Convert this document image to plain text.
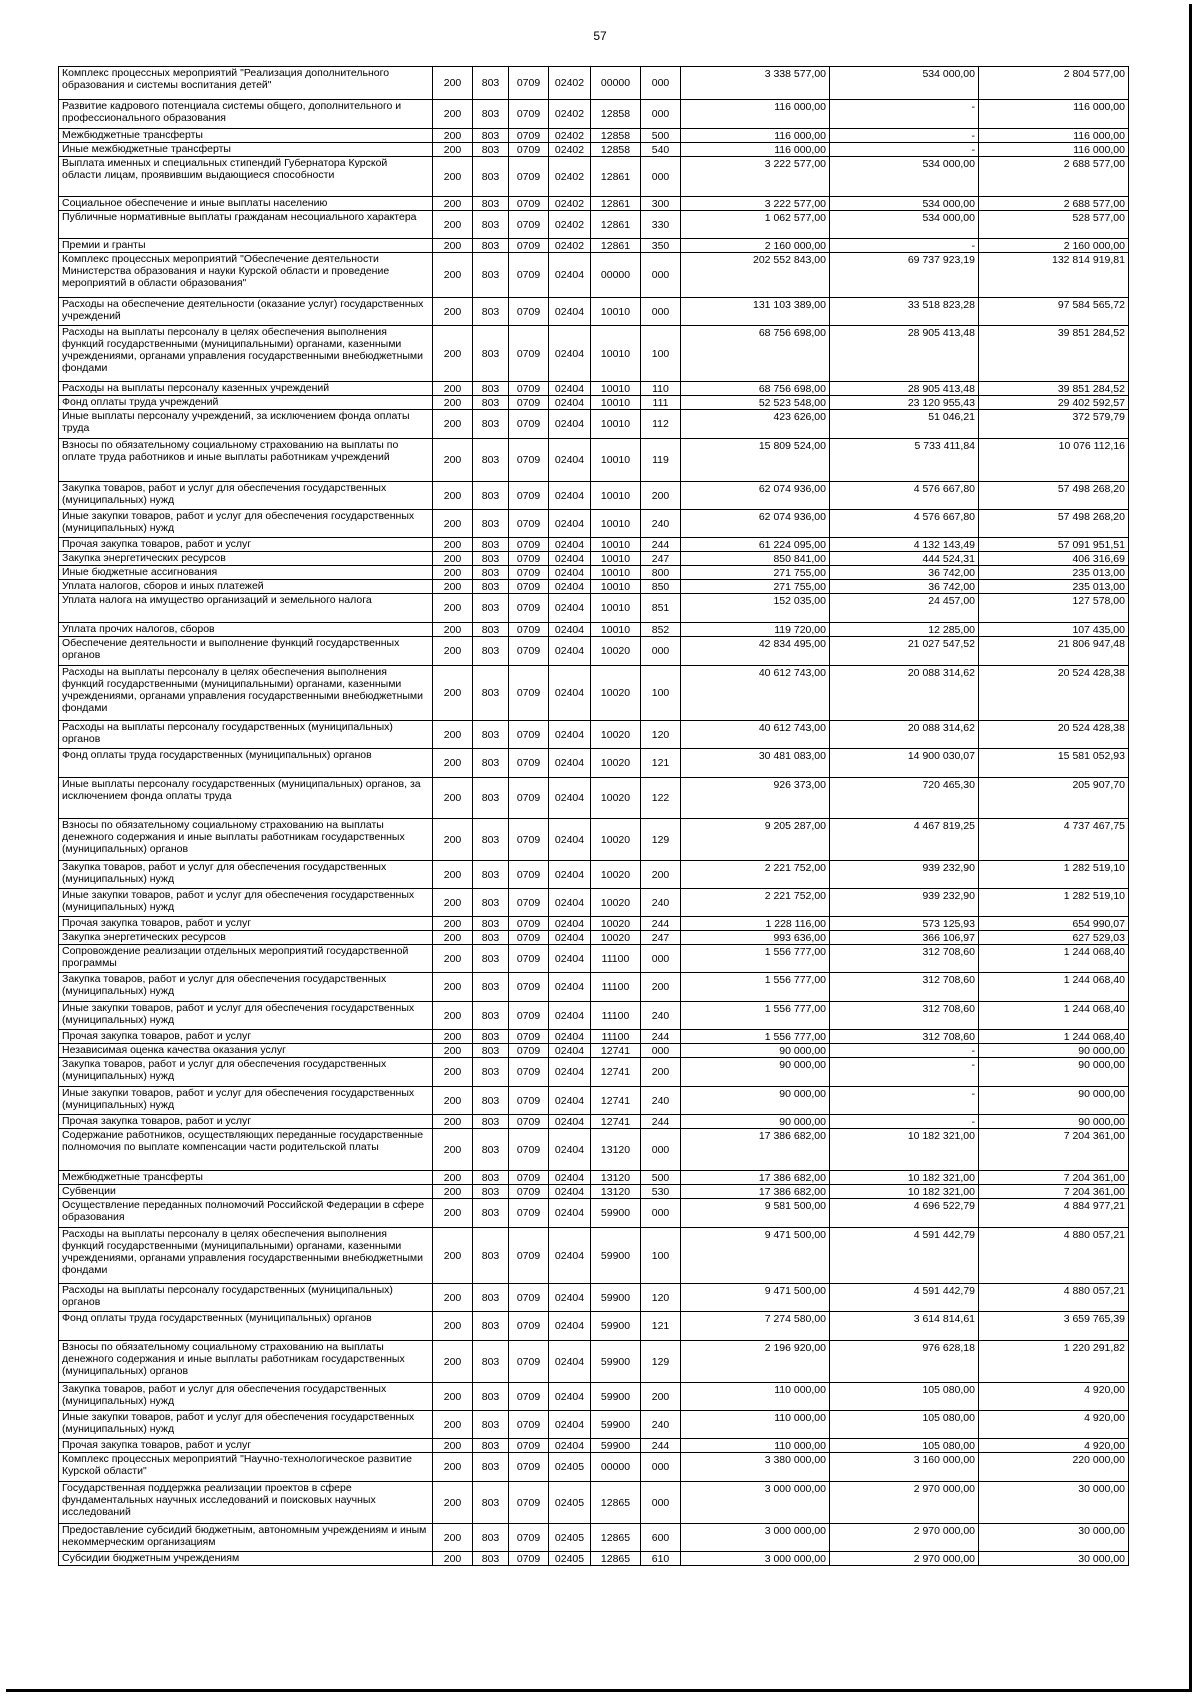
57
Комплекс процессных мероприятий "Реализация дополнительного образования и системы воспитания детей"	200	803	0709	02402	00000	000	3 338 577,00	534 000,00	2 804 577,00
Развитие кадрового потенциала системы общего, дополнительного и профессионального образования	200	803	0709	02402	12858	000	116 000,00	-	116 000,00
Межбюджетные трансферты	200	803	0709	02402	12858	500	116 000,00	-	116 000,00
Иные межбюджетные трансферты	200	803	0709	02402	12858	540	116 000,00	-	116 000,00
Выплата именных и специальных стипендий Губернатора Курской области лицам, проявившим выдающиеся способности	200	803	0709	02402	12861	000	3 222 577,00	534 000,00	2 688 577,00
Социальное обеспечение и иные выплаты населению	200	803	0709	02402	12861	300	3 222 577,00	534 000,00	2 688 577,00
Публичные нормативные выплаты гражданам несоциального характера	200	803	0709	02402	12861	330	1 062 577,00	534 000,00	528 577,00
Премии и гранты	200	803	0709	02402	12861	350	2 160 000,00	-	2 160 000,00
Комплекс процессных мероприятий "Обеспечение деятельности Министерства образования и науки Курской области и проведение мероприятий в области образования"	200	803	0709	02404	00000	000	202 552 843,00	69 737 923,19	132 814 919,81
Расходы на обеспечение деятельности (оказание услуг) государственных учреждений	200	803	0709	02404	10010	000	131 103 389,00	33 518 823,28	97 584 565,72
Расходы на выплаты персоналу в целях обеспечения выполнения функций государственными (муниципальными) органами, казенными учреждениями, органами управления государственными внебюджетными фондами	200	803	0709	02404	10010	100	68 756 698,00	28 905 413,48	39 851 284,52
Расходы на выплаты персоналу казенных учреждений	200	803	0709	02404	10010	110	68 756 698,00	28 905 413,48	39 851 284,52
Фонд оплаты труда учреждений	200	803	0709	02404	10010	111	52 523 548,00	23 120 955,43	29 402 592,57
Иные выплаты персоналу учреждений, за исключением фонда оплаты труда	200	803	0709	02404	10010	112	423 626,00	51 046,21	372 579,79
Взносы по обязательному социальному страхованию на выплаты по оплате труда работников и иные выплаты работникам учреждений	200	803	0709	02404	10010	119	15 809 524,00	5 733 411,84	10 076 112,16
Закупка товаров, работ и услуг для обеспечения государственных (муниципальных) нужд	200	803	0709	02404	10010	200	62 074 936,00	4 576 667,80	57 498 268,20
Иные закупки товаров, работ и услуг для обеспечения государственных (муниципальных) нужд	200	803	0709	02404	10010	240	62 074 936,00	4 576 667,80	57 498 268,20
Прочая закупка товаров, работ и услуг	200	803	0709	02404	10010	244	61 224 095,00	4 132 143,49	57 091 951,51
Закупка энергетических ресурсов	200	803	0709	02404	10010	247	850 841,00	444 524,31	406 316,69
Иные бюджетные ассигнования	200	803	0709	02404	10010	800	271 755,00	36 742,00	235 013,00
Уплата налогов, сборов и иных платежей	200	803	0709	02404	10010	850	271 755,00	36 742,00	235 013,00
Уплата налога на имущество организаций и земельного налога	200	803	0709	02404	10010	851	152 035,00	24 457,00	127 578,00
Уплата прочих налогов, сборов	200	803	0709	02404	10010	852	119 720,00	12 285,00	107 435,00
Обеспечение деятельности и выполнение функций государственных органов	200	803	0709	02404	10020	000	42 834 495,00	21 027 547,52	21 806 947,48
Расходы на выплаты персоналу в целях обеспечения выполнения функций государственными (муниципальными) органами, казенными учреждениями, органами управления государственными внебюджетными фондами	200	803	0709	02404	10020	100	40 612 743,00	20 088 314,62	20 524 428,38
Расходы на выплаты персоналу государственных (муниципальных) органов	200	803	0709	02404	10020	120	40 612 743,00	20 088 314,62	20 524 428,38
Фонд оплаты труда государственных (муниципальных) органов	200	803	0709	02404	10020	121	30 481 083,00	14 900 030,07	15 581 052,93
Иные выплаты персоналу государственных (муниципальных) органов, за исключением фонда оплаты труда	200	803	0709	02404	10020	122	926 373,00	720 465,30	205 907,70
Взносы по обязательному социальному страхованию на выплаты денежного содержания и иные выплаты работникам государственных (муниципальных) органов	200	803	0709	02404	10020	129	9 205 287,00	4 467 819,25	4 737 467,75
Закупка товаров, работ и услуг для обеспечения государственных (муниципальных) нужд	200	803	0709	02404	10020	200	2 221 752,00	939 232,90	1 282 519,10
Иные закупки товаров, работ и услуг для обеспечения государственных (муниципальных) нужд	200	803	0709	02404	10020	240	2 221 752,00	939 232,90	1 282 519,10
Прочая закупка товаров, работ и услуг	200	803	0709	02404	10020	244	1 228 116,00	573 125,93	654 990,07
Закупка энергетических ресурсов	200	803	0709	02404	10020	247	993 636,00	366 106,97	627 529,03
Сопровождение реализации отдельных мероприятий государственной программы	200	803	0709	02404	11100	000	1 556 777,00	312 708,60	1 244 068,40
Закупка товаров, работ и услуг для обеспечения государственных (муниципальных) нужд	200	803	0709	02404	11100	200	1 556 777,00	312 708,60	1 244 068,40
Иные закупки товаров, работ и услуг для обеспечения государственных (муниципальных) нужд	200	803	0709	02404	11100	240	1 556 777,00	312 708,60	1 244 068,40
Прочая закупка товаров, работ и услуг	200	803	0709	02404	11100	244	1 556 777,00	312 708,60	1 244 068,40
Независимая оценка качества оказания услуг	200	803	0709	02404	12741	000	90 000,00	-	90 000,00
Закупка товаров, работ и услуг для обеспечения государственных (муниципальных) нужд	200	803	0709	02404	12741	200	90 000,00	-	90 000,00
Иные закупки товаров, работ и услуг для обеспечения государственных (муниципальных) нужд	200	803	0709	02404	12741	240	90 000,00	-	90 000,00
Прочая закупка товаров, работ и услуг	200	803	0709	02404	12741	244	90 000,00	-	90 000,00
Содержание работников, осуществляющих переданные государственные полномочия по выплате компенсации части родительской платы	200	803	0709	02404	13120	000	17 386 682,00	10 182 321,00	7 204 361,00
Межбюджетные трансферты	200	803	0709	02404	13120	500	17 386 682,00	10 182 321,00	7 204 361,00
Субвенции	200	803	0709	02404	13120	530	17 386 682,00	10 182 321,00	7 204 361,00
Осуществление переданных полномочий Российской Федерации в сфере образования	200	803	0709	02404	59900	000	9 581 500,00	4 696 522,79	4 884 977,21
Расходы на выплаты персоналу в целях обеспечения выполнения функций государственными (муниципальными) органами, казенными учреждениями, органами управления государственными внебюджетными фондами	200	803	0709	02404	59900	100	9 471 500,00	4 591 442,79	4 880 057,21
Расходы на выплаты персоналу государственных (муниципальных) органов	200	803	0709	02404	59900	120	9 471 500,00	4 591 442,79	4 880 057,21
Фонд оплаты труда государственных (муниципальных) органов	200	803	0709	02404	59900	121	7 274 580,00	3 614 814,61	3 659 765,39
Взносы по обязательному социальному страхованию на выплаты денежного содержания и иные выплаты работникам государственных (муниципальных) органов	200	803	0709	02404	59900	129	2 196 920,00	976 628,18	1 220 291,82
Закупка товаров, работ и услуг для обеспечения государственных (муниципальных) нужд	200	803	0709	02404	59900	200	110 000,00	105 080,00	4 920,00
Иные закупки товаров, работ и услуг для обеспечения государственных (муниципальных) нужд	200	803	0709	02404	59900	240	110 000,00	105 080,00	4 920,00
Прочая закупка товаров, работ и услуг	200	803	0709	02404	59900	244	110 000,00	105 080,00	4 920,00
Комплекс процессных мероприятий "Научно-технологическое развитие Курской области"	200	803	0709	02405	00000	000	3 380 000,00	3 160 000,00	220 000,00
Государственная поддержка реализации проектов в сфере фундаментальных научных исследований и поисковых научных исследований	200	803	0709	02405	12865	000	3 000 000,00	2 970 000,00	30 000,00
Предоставление субсидий бюджетным, автономным учреждениям и иным некоммерческим организациям	200	803	0709	02405	12865	600	3 000 000,00	2 970 000,00	30 000,00
Субсидии бюджетным учреждениям	200	803	0709	02405	12865	610	3 000 000,00	2 970 000,00	30 000,00
